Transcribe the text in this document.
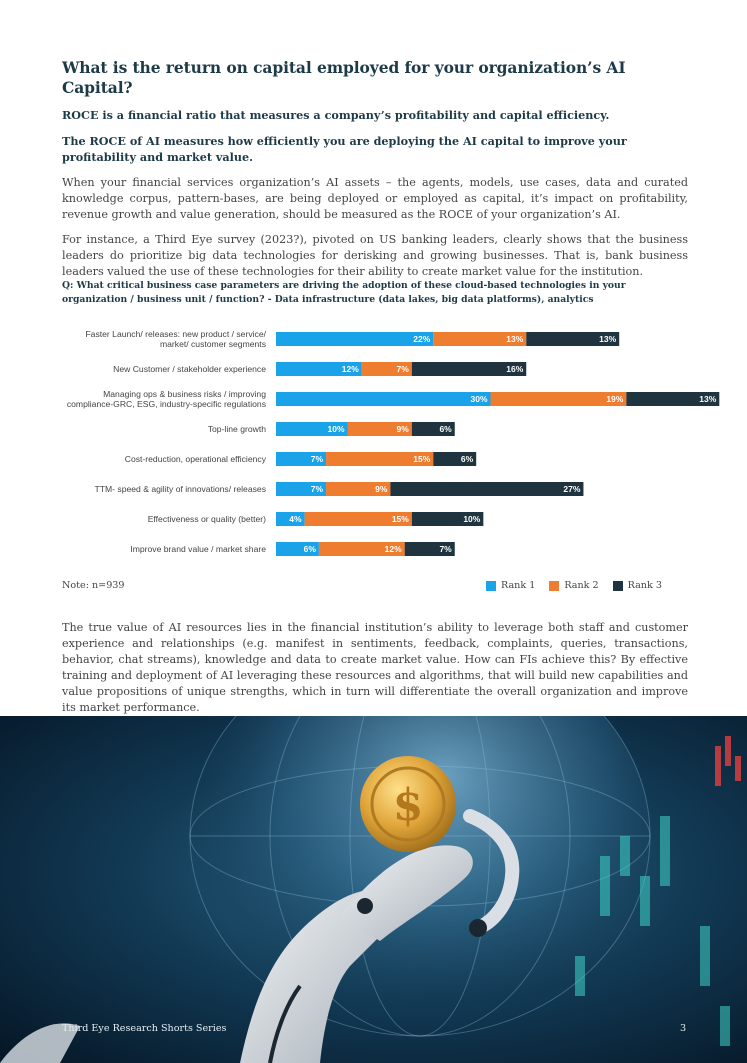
What is the return on capital employed for your organization’s AI Capital?

ROCE is a financial ratio that measures a company’s profitability and capital efficiency.

The ROCE of AI measures how efficiently you are deploying the AI capital to improve your profitability and market value.

When your financial services organization’s AI assets – the agents, models, use cases, data and curated knowledge corpus, pattern-bases, are being deployed or employed as capital, it’s impact on profitability, revenue growth and value generation, should be measured as the ROCE of your organization’s AI.

For instance, a Third Eye survey (2023?), pivoted on US banking leaders, clearly shows that the business leaders do prioritize big data technologies for derisking and growing businesses. That is, bank business leaders valued the use of these technologies for their ability to create market value for the institution.

Q: What critical business case parameters are driving the adoption of these cloud-based technologies in your organization / business unit / function? - Data infrastructure (data lakes, big data platforms), analytics

Faster Launch/ releases: new product / service/ market/ customer segments	22%	13%	13%
New Customer / stakeholder experience	12%	7%	16%
Managing ops & business risks / improving compliance-GRC, ESG, industry-specific regulations	30%	19%	13%
Top-line growth	10%	9%	6%
Cost-reduction, operational efficiency	7%	15%	6%
TTM- speed & agility of innovations/ releases	7%	9%	27%
Effectiveness or quality (better)	4%	15%	10%
Improve brand value / market share	6%	12%	7%
Note: n=939	Rank 1	Rank 2	Rank 3

The true value of AI resources lies in the financial institution’s ability to leverage both staff and customer experience and relationships (e.g. manifest in sentiments, feedback, complaints, queries, transactions, behavior, chat streams), knowledge and data to create market value. How can FIs achieve this? By effective training and deployment of AI leveraging these resources and algorithms, that will build new capabilities and value propositions of unique strengths, which in turn will differentiate the overall organization and improve its market performance.

$
Third Eye Research Shorts Series	3
